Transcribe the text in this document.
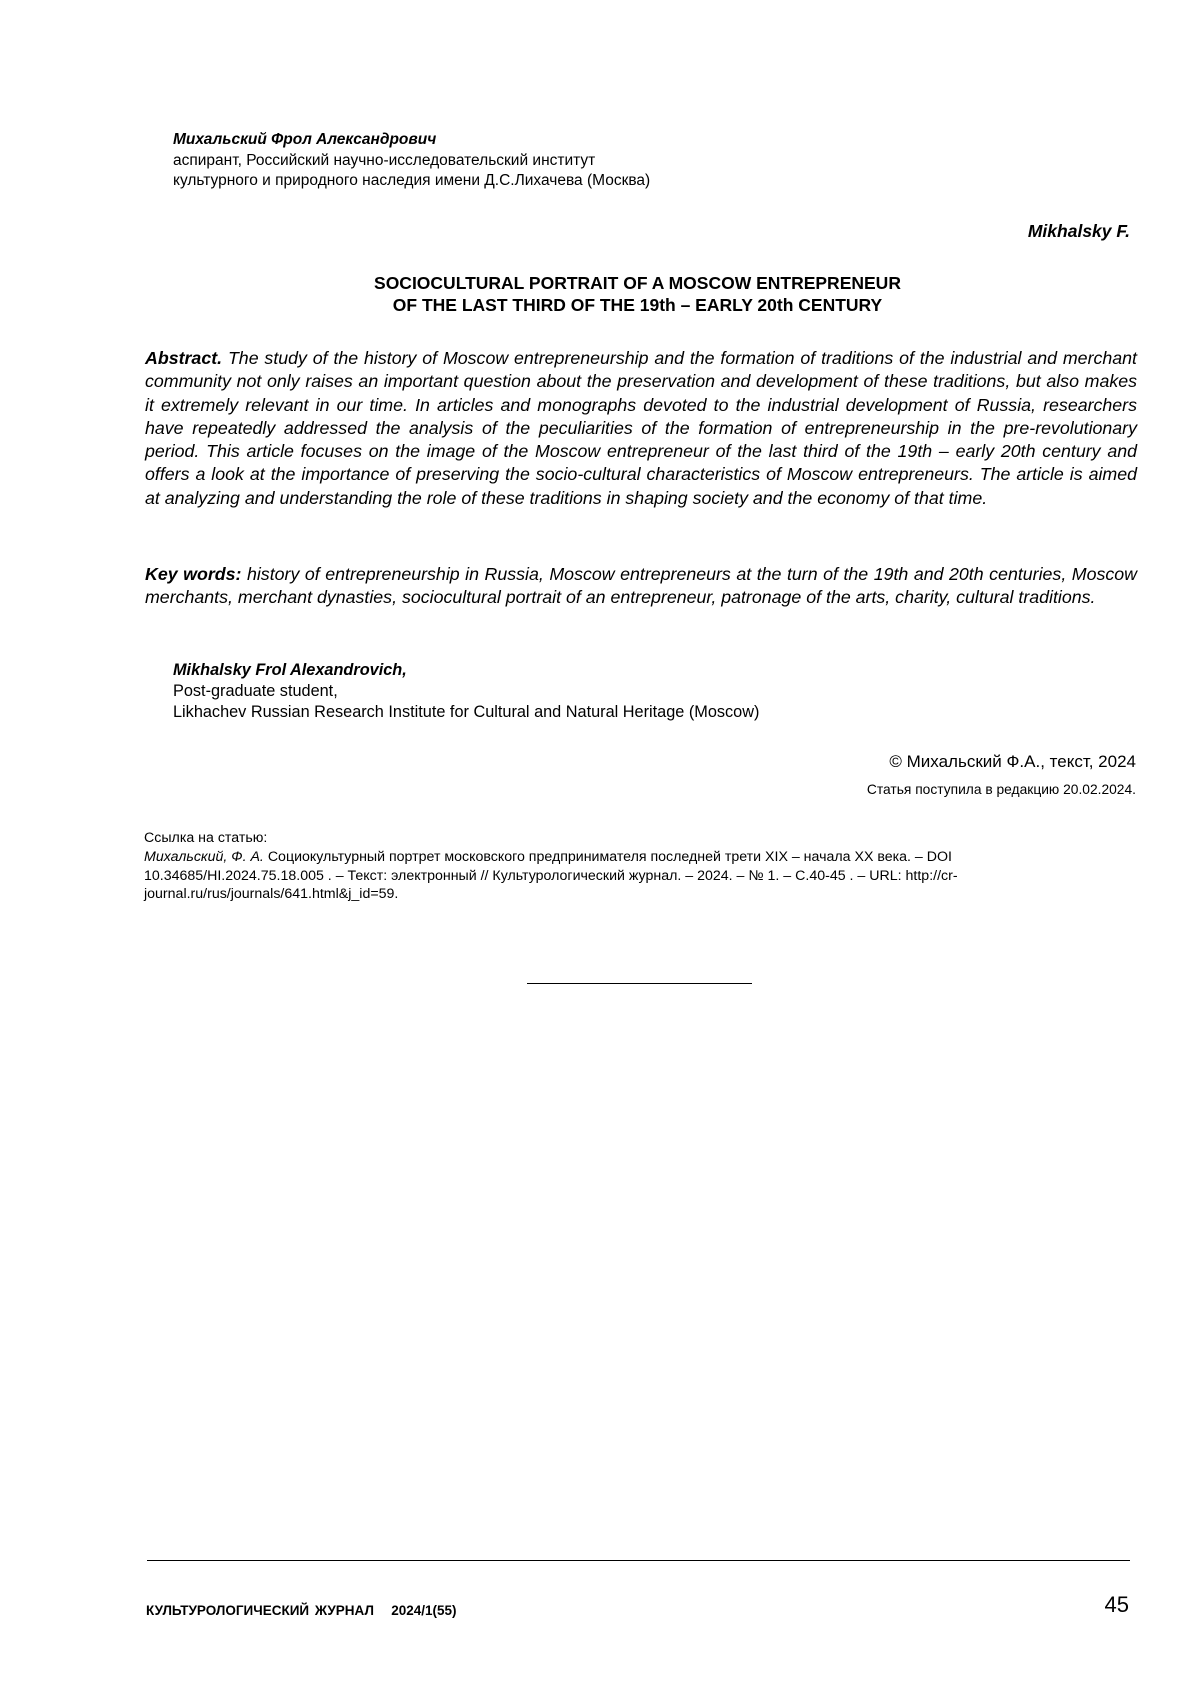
Михальский Фрол Александрович
аспирант, Российский научно-исследовательский институт
культурного и природного наследия имени Д.С.Лихачева (Москва)
Mikhalsky F.
SOCIOCULTURAL PORTRAIT OF A MOSCOW ENTREPRENEUR
OF THE LAST THIRD OF THE 19th – EARLY 20th CENTURY
Abstract. The study of the history of Moscow entrepreneurship and the formation of traditions of the industrial and merchant community not only raises an important question about the preservation and development of these traditions, but also makes it extremely relevant in our time. In articles and monographs devoted to the industrial development of Russia, researchers have repeatedly addressed the analysis of the peculiarities of the formation of entrepreneurship in the pre-revolutionary period. This article focuses on the image of the Moscow entrepreneur of the last third of the 19th – early 20th century and offers a look at the importance of preserving the socio-cultural characteristics of Moscow entrepreneurs. The article is aimed at analyzing and understanding the role of these traditions in shaping society and the economy of that time.
Key words: history of entrepreneurship in Russia, Moscow entrepreneurs at the turn of the 19th and 20th centuries, Moscow merchants, merchant dynasties, sociocultural portrait of an entrepreneur, patronage of the arts, charity, cultural traditions.
Mikhalsky Frol Alexandrovich,
Post-graduate student,
Likhachev Russian Research Institute for Cultural and Natural Heritage (Moscow)
© Михальский Ф.А., текст, 2024
Статья поступила в редакцию 20.02.2024.
Ссылка на статью:
Михальский, Ф. А. Социокультурный портрет московского предпринимателя последней трети XIX – начала XX века. – DOI 10.34685/HI.2024.75.18.005 . – Текст: электронный // Культурологический журнал. – 2024. – № 1. – С.40-45 . – URL: http://cr-journal.ru/rus/journals/641.html&j_id=59.
КУЛЬТУРОЛОГИЧЕСКИЙ ЖУРНАЛ   2024/1(55)	45
